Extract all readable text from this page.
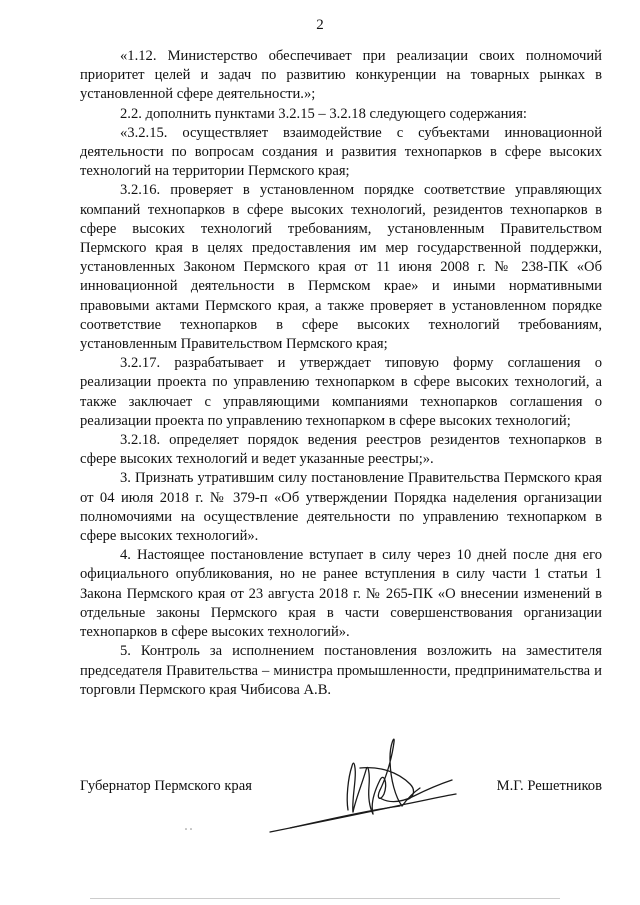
2

«1.12. Министерство обеспечивает при реализации своих полномочий приоритет целей и задач по развитию конкуренции на товарных рынках в установленной сфере деятельности.»;

2.2. дополнить пунктами 3.2.15 – 3.2.18 следующего содержания:

«3.2.15. осуществляет взаимодействие с субъектами инновационной деятельности по вопросам создания и развития технопарков в сфере высоких технологий на территории Пермского края;

3.2.16. проверяет в установленном порядке соответствие управляющих компаний технопарков в сфере высоких технологий, резидентов технопарков в сфере высоких технологий требованиям, установленным Правительством Пермского края в целях предоставления им мер государственной поддержки, установленных Законом Пермского края от 11 июня 2008 г. № 238-ПК «Об инновационной деятельности в Пермском крае» и иными нормативными правовыми актами Пермского края, а также проверяет в установленном порядке соответствие технопарков в сфере высоких технологий требованиям, установленным Правительством Пермского края;

3.2.17. разрабатывает и утверждает типовую форму соглашения о реализации проекта по управлению технопарком в сфере высоких технологий, а также заключает с управляющими компаниями технопарков соглашения о реализации проекта по управлению технопарком в сфере высоких технологий;

3.2.18. определяет порядок ведения реестров резидентов технопарков в сфере высоких технологий и ведет указанные реестры;».

3. Признать утратившим силу постановление Правительства Пермского края от 04 июля 2018 г. № 379-п «Об утверждении Порядка наделения организации полномочиями на осуществление деятельности по управлению технопарком в сфере высоких технологий».

4. Настоящее постановление вступает в силу через 10 дней после дня его официального опубликования, но не ранее вступления в силу части 1 статьи 1 Закона Пермского края от 23 августа 2018 г. № 265-ПК «О внесении изменений в отдельные законы Пермского края в части совершенствования организации технопарков в сфере высоких технологий».

5. Контроль за исполнением постановления возложить на заместителя председателя Правительства – министра промышленности, предпринимательства и торговли Пермского края Чибисова А.В.

Губернатор Пермского края	М.Г. Решетников
